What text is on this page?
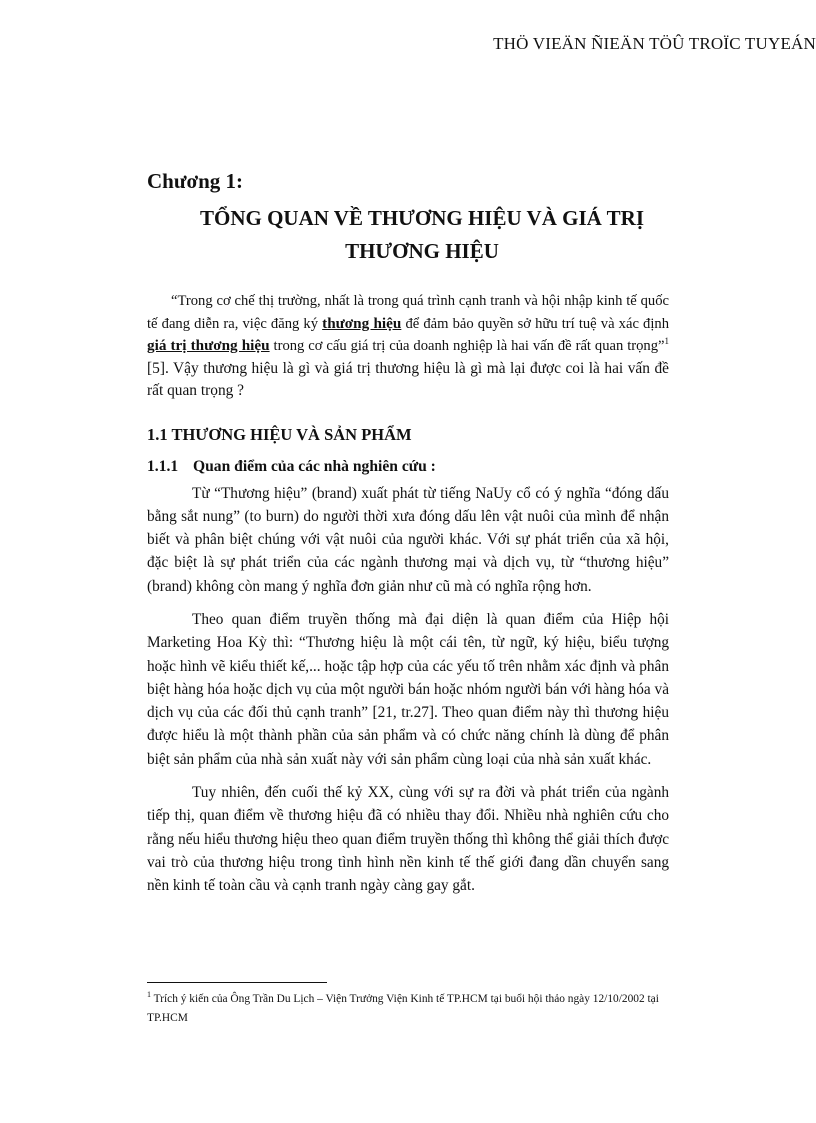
THÖ VIEÄN ÑIEÄN TÖÛ TROÏC TUYEÁN
Chương 1:
TỔNG QUAN VỀ THƯƠNG HIỆU VÀ GIÁ TRỊ
THƯƠNG HIỆU

“Trong cơ chế thị trường, nhất là trong quá trình cạnh tranh và hội nhập kinh tế quốc tế đang diễn ra, việc đăng ký thương hiệu để đảm bảo quyền sở hữu trí tuệ và xác định giá trị thương hiệu trong cơ cấu giá trị của doanh nghiệp là hai vấn đề rất quan trọng”$^1$ [5]. Vậy thương hiệu là gì và giá trị thương hiệu là gì mà lại được coi là hai vấn đề rất quan trọng ?

1.1 THƯƠNG HIỆU VÀ SẢN PHẨM
1.1.1 Quan điểm của các nhà nghiên cứu :

Từ “Thương hiệu” (brand) xuất phát từ tiếng NaUy cổ có ý nghĩa “đóng dấu bằng sắt nung” (to burn) do người thời xưa đóng dấu lên vật nuôi của mình để nhận biết và phân biệt chúng với vật nuôi của người khác. Với sự phát triển của xã hội, đặc biệt là sự phát triển của các ngành thương mại và dịch vụ, từ “thương hiệu” (brand) không còn mang ý nghĩa đơn giản như cũ mà có nghĩa rộng hơn.

Theo quan điểm truyền thống mà đại diện là quan điểm của Hiệp hội Marketing Hoa Kỳ thì: “Thương hiệu là một cái tên, từ ngữ, ký hiệu, biểu tượng hoặc hình vẽ kiểu thiết kế,... hoặc tập hợp của các yếu tố trên nhằm xác định và phân biệt hàng hóa hoặc dịch vụ của một người bán hoặc nhóm người bán với hàng hóa và dịch vụ của các đối thủ cạnh tranh” [21, tr.27]. Theo quan điểm này thì thương hiệu được hiểu là một thành phần của sản phẩm và có chức năng chính là dùng để phân biệt sản phẩm của nhà sản xuất này với sản phẩm cùng loại của nhà sản xuất khác.

Tuy nhiên, đến cuối thế kỷ XX, cùng với sự ra đời và phát triển của ngành tiếp thị, quan điểm về thương hiệu đã có nhiều thay đổi. Nhiều nhà nghiên cứu cho rằng nếu hiểu thương hiệu theo quan điểm truyền thống thì không thể giải thích được vai trò của thương hiệu trong tình hình nền kinh tế thế giới đang dần chuyển sang nền kinh tế toàn cầu và cạnh tranh ngày càng gay gắt.

$^1$ Trích ý kiến của Ông Trần Du Lịch – Viện Trưởng Viện Kinh tế TP.HCM tại buổi hội thảo ngày 12/10/2002 tại TP.HCM
